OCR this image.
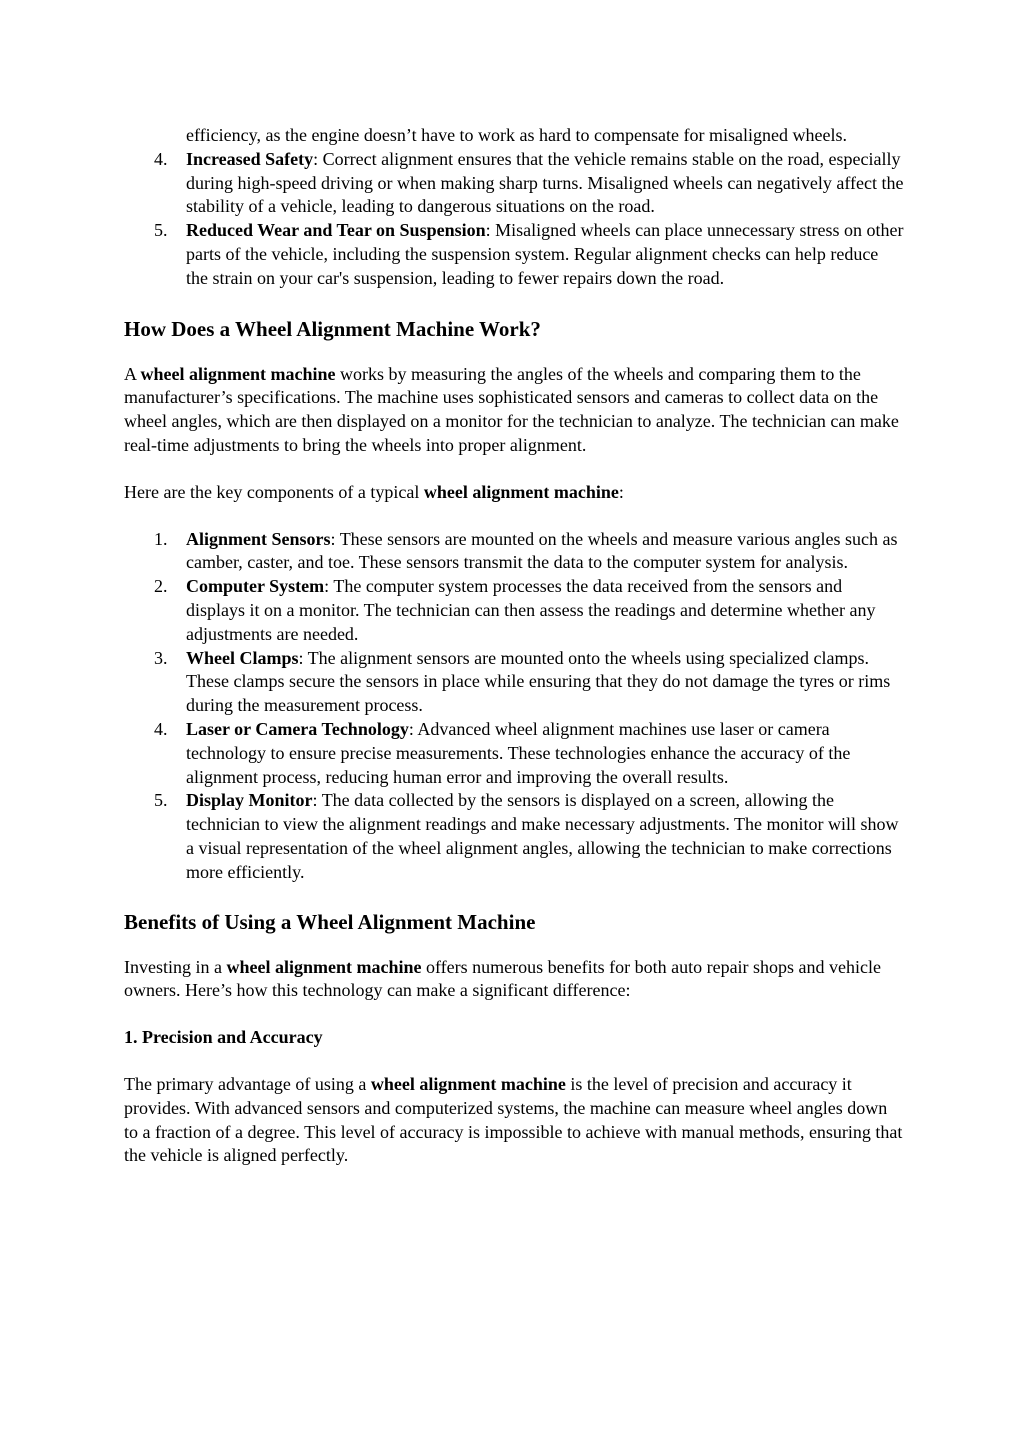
efficiency, as the engine doesn’t have to work as hard to compensate for misaligned wheels.

4. Increased Safety: Correct alignment ensures that the vehicle remains stable on the road, especially during high-speed driving or when making sharp turns. Misaligned wheels can negatively affect the stability of a vehicle, leading to dangerous situations on the road.
5. Reduced Wear and Tear on Suspension: Misaligned wheels can place unnecessary stress on other parts of the vehicle, including the suspension system. Regular alignment checks can help reduce the strain on your car's suspension, leading to fewer repairs down the road.
How Does a Wheel Alignment Machine Work?

A wheel alignment machine works by measuring the angles of the wheels and comparing them to the manufacturer’s specifications. The machine uses sophisticated sensors and cameras to collect data on the wheel angles, which are then displayed on a monitor for the technician to analyze. The technician can make real-time adjustments to bring the wheels into proper alignment.

Here are the key components of a typical wheel alignment machine:

1. Alignment Sensors: These sensors are mounted on the wheels and measure various angles such as camber, caster, and toe. These sensors transmit the data to the computer system for analysis.
2. Computer System: The computer system processes the data received from the sensors and displays it on a monitor. The technician can then assess the readings and determine whether any adjustments are needed.
3. Wheel Clamps: The alignment sensors are mounted onto the wheels using specialized clamps. These clamps secure the sensors in place while ensuring that they do not damage the tyres or rims during the measurement process.
4. Laser or Camera Technology: Advanced wheel alignment machines use laser or camera technology to ensure precise measurements. These technologies enhance the accuracy of the alignment process, reducing human error and improving the overall results.
5. Display Monitor: The data collected by the sensors is displayed on a screen, allowing the technician to view the alignment readings and make necessary adjustments. The monitor will show a visual representation of the wheel alignment angles, allowing the technician to make corrections more efficiently.
Benefits of Using a Wheel Alignment Machine

Investing in a wheel alignment machine offers numerous benefits for both auto repair shops and vehicle owners. Here’s how this technology can make a significant difference:

1. Precision and Accuracy

The primary advantage of using a wheel alignment machine is the level of precision and accuracy it provides. With advanced sensors and computerized systems, the machine can measure wheel angles down to a fraction of a degree. This level of accuracy is impossible to achieve with manual methods, ensuring that the vehicle is aligned perfectly.
